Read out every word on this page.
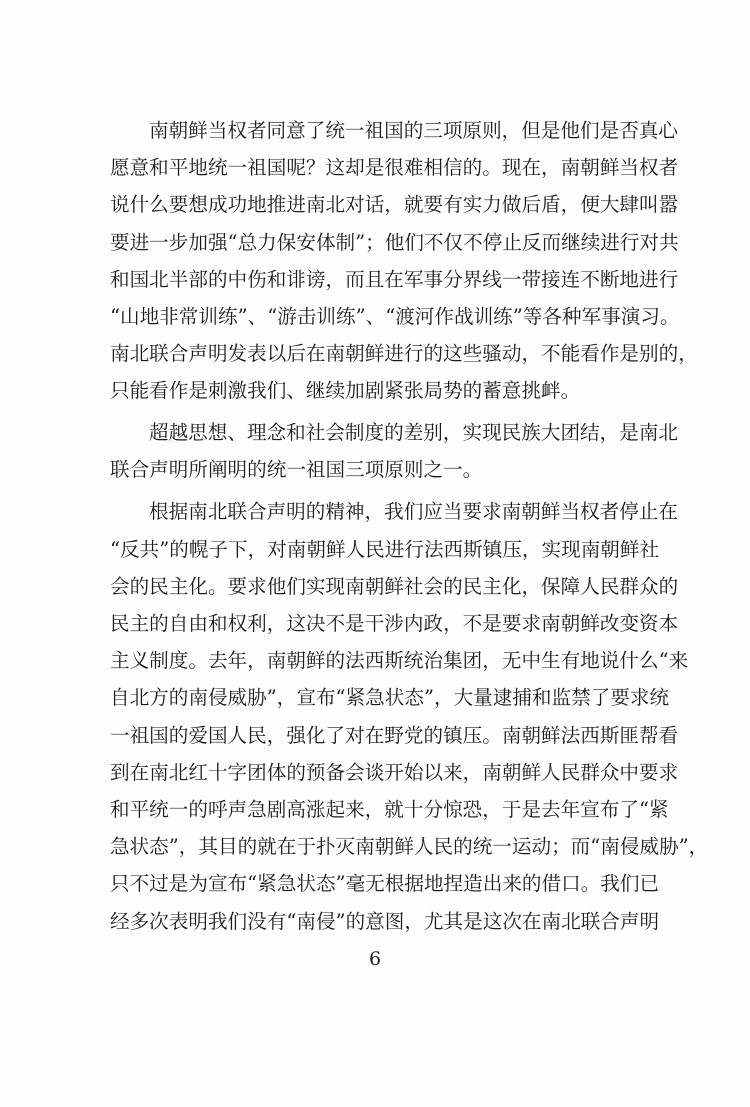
南朝鲜当权者同意了统一祖国的三项原则，但是他们是否真心
愿意和平地统一祖国呢？这却是很难相信的。现在，南朝鲜当权者
说什么要想成功地推进南北对话，就要有实力做后盾，便大肆叫嚣
要进一步加强“总力保安体制”；他们不仅不停止反而继续进行对共
和国北半部的中伤和诽谤，而且在军事分界线一带接连不断地进行
“山地非常训练”、“游击训练”、“渡河作战训练”等各种军事演习。
南北联合声明发表以后在南朝鲜进行的这些骚动，不能看作是别的，
只能看作是刺激我们、继续加剧紧张局势的蓄意挑衅。
超越思想、理念和社会制度的差别，实现民族大团结，是南北
联合声明所阐明的统一祖国三项原则之一。
根据南北联合声明的精神，我们应当要求南朝鲜当权者停止在
“反共”的幌子下，对南朝鲜人民进行法西斯镇压，实现南朝鲜社
会的民主化。要求他们实现南朝鲜社会的民主化，保障人民群众的
民主的自由和权利，这决不是干涉内政，不是要求南朝鲜改变资本
主义制度。去年，南朝鲜的法西斯统治集团，无中生有地说什么“来
自北方的南侵威胁”，宣布“紧急状态”，大量逮捕和监禁了要求统
一祖国的爱国人民，强化了对在野党的镇压。南朝鲜法西斯匪帮看
到在南北红十字团体的预备会谈开始以来，南朝鲜人民群众中要求
和平统一的呼声急剧高涨起来，就十分惊恐，于是去年宣布了“紧
急状态”，其目的就在于扑灭南朝鲜人民的统一运动；而“南侵威胁”，
只不过是为宣布“紧急状态”毫无根据地捏造出来的借口。我们已
经多次表明我们没有“南侵”的意图，尤其是这次在南北联合声明
6
